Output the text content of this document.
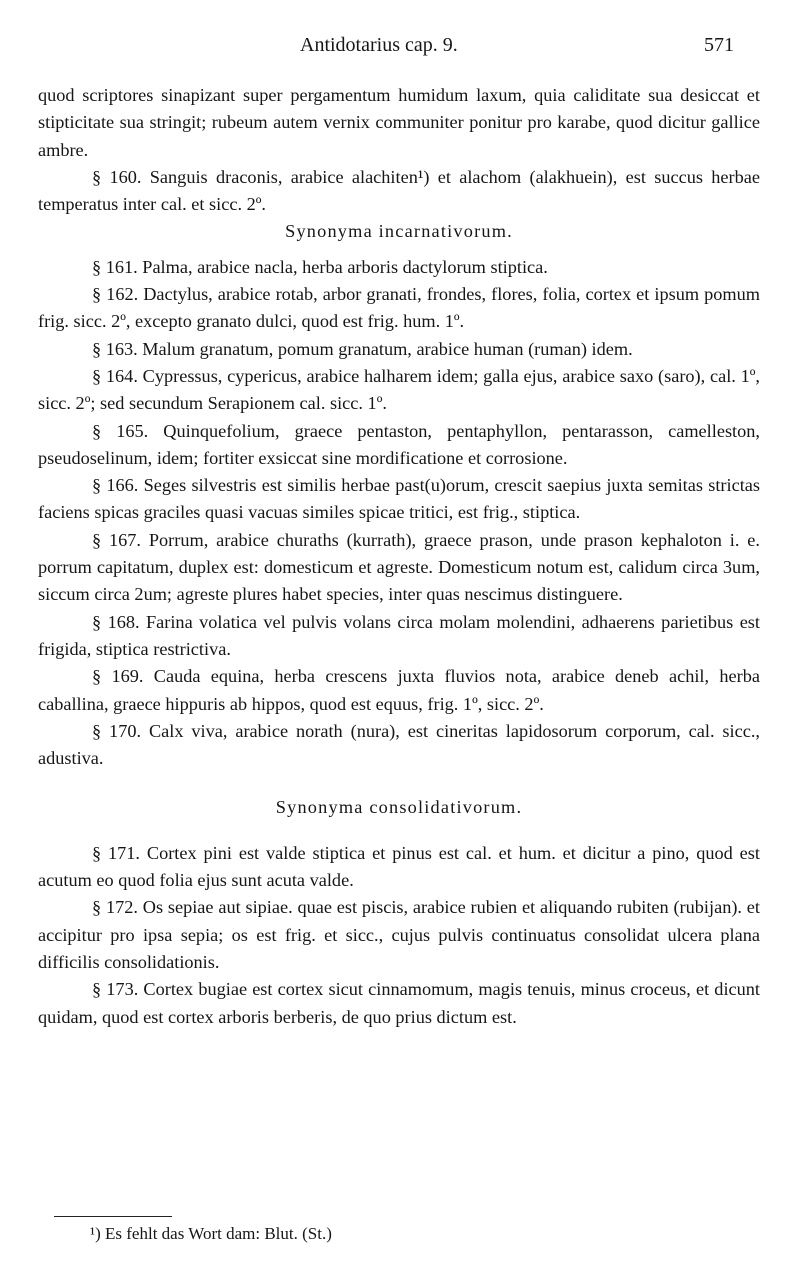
Antidotarius cap. 9.	571

quod scriptores sinapizant super pergamentum humidum laxum, quia caliditate sua desiccat et stipticitate sua stringit; rubeum autem vernix communiter ponitur pro karabe, quod dicitur gallice ambre.

§ 160. Sanguis draconis, arabice alachiten¹) et alachom (alakhuein), est succus herbae temperatus inter cal. et sicc. 2º.

Synonyma incarnativorum.

§ 161. Palma, arabice nacla, herba arboris dactylorum stiptica.

§ 162. Dactylus, arabice rotab, arbor granati, frondes, flores, folia, cortex et ipsum pomum frig. sicc. 2º, excepto granato dulci, quod est frig. hum. 1º.

§ 163. Malum granatum, pomum granatum, arabice human (ruman) idem.

§ 164. Cypressus, cypericus, arabice halharem idem; galla ejus, arabice saxo (saro), cal. 1º, sicc. 2º; sed secundum Serapionem cal. sicc. 1º.

§ 165. Quinquefolium, graece pentaston, pentaphyllon, pentarasson, camelleston, pseudoselinum, idem; fortiter exsiccat sine mordificatione et corrosione.

§ 166. Seges silvestris est similis herbae past(u)orum, crescit saepius juxta semitas strictas faciens spicas graciles quasi vacuas similes spicae tritici, est frig., stiptica.

§ 167. Porrum, arabice churaths (kurrath), graece prason, unde prason kephaloton i. e. porrum capitatum, duplex est: domesticum et agreste. Domesticum notum est, calidum circa 3um, siccum circa 2um; agreste plures habet species, inter quas nescimus distinguere.

§ 168. Farina volatica vel pulvis volans circa molam molendini, adhaerens parietibus est frigida, stiptica restrictiva.

§ 169. Cauda equina, herba crescens juxta fluvios nota, arabice deneb achil, herba caballina, graece hippuris ab hippos, quod est equus, frig. 1º, sicc. 2º.

§ 170. Calx viva, arabice norath (nura), est cineritas lapidosorum corporum, cal. sicc., adustiva.

Synonyma consolidativorum.

§ 171. Cortex pini est valde stiptica et pinus est cal. et hum. et dicitur a pino, quod est acutum eo quod folia ejus sunt acuta valde.

§ 172. Os sepiae aut sipiae. quae est piscis, arabice rubien et aliquando rubiten (rubijan). et accipitur pro ipsa sepia; os est frig. et sicc., cujus pulvis continuatus consolidat ulcera plana difficilis consolidationis.

§ 173. Cortex bugiae est cortex sicut cinnamomum, magis tenuis, minus croceus, et dicunt quidam, quod est cortex arboris berberis, de quo prius dictum est.

¹) Es fehlt das Wort dam: Blut. (St.)
